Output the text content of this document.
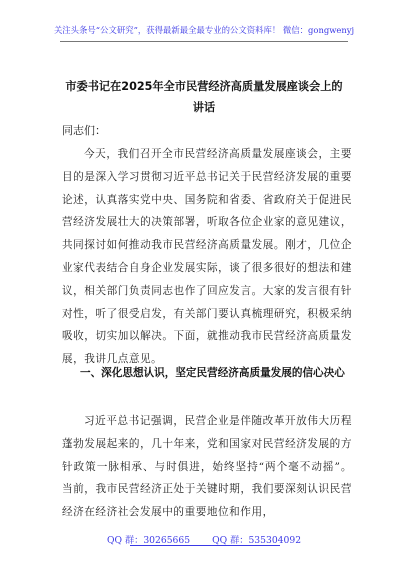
关注头条号“公文研究”，获得最新最全最专业的公文资料库！ 微信：gongwenyj
市委书记在2025年全市民营经济高质量发展座谈会上的讲话
同志们：
今天，我们召开全市民营经济高质量发展座谈会，主要目的是深入学习贯彻习近平总书记关于民营经济发展的重要论述，认真落实党中央、国务院和省委、省政府关于促进民营经济发展壮大的决策部署，听取各位企业家的意见建议，共同探讨如何推动我市民营经济高质量发展。刚才，几位企业家代表结合自身企业发展实际，谈了很多很好的想法和建议，相关部门负责同志也作了回应发言。大家的发言很有针对性，听了很受启发，有关部门要认真梳理研究，积极采纳吸收，切实加以解决。下面，就推动我市民营经济高质量发展，我讲几点意见。
一、深化思想认识，坚定民营经济高质量发展的信心决心
习近平总书记强调，民营企业是伴随改革开放伟大历程蓬勃发展起来的，几十年来，党和国家对民营经济发展的方针政策一脉相承、与时俱进，始终坚持“两个毫不动摇”。当前，我市民营经济正处于关键时期，我们要深刻认识民营经济在经济社会发展中的重要地位和作用，
QQ 群：30265665 QQ 群：535304092
